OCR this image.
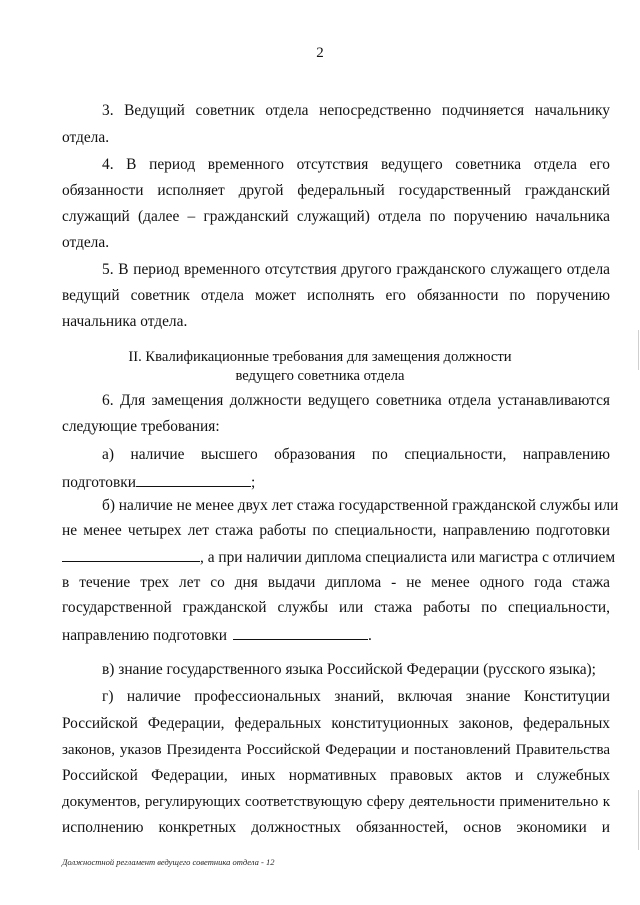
2
3. Ведущий советник отдела непосредственно подчиняется начальнику
отдела.
4. В период временного отсутствия ведущего советника отдела его
обязанности исполняет другой федеральный государственный гражданский
служащий (далее – гражданский служащий) отдела по поручению начальника
отдела.
5. В период временного отсутствия другого гражданского служащего отдела
ведущий советник отдела может исполнять его обязанности по поручению
начальника отдела.
II. Квалификационные требования для замещения должности
ведущего советника отдела
6. Для замещения должности ведущего советника отдела устанавливаются
следующие требования:
а) наличие высшего образования по специальности, направлению
подготовки	;
б) наличие не менее двух лет стажа государственной гражданской службы или
не менее четырех лет стажа работы по специальности, направлению подготовки
, а при наличии диплома специалиста или магистра с отличием
в течение трех лет со дня выдачи диплома - не менее одного года стажа
государственной гражданской службы или стажа работы по специальности,
направлению подготовки	.
в) знание государственного языка Российской Федерации (русского языка);
г) наличие профессиональных знаний, включая знание Конституции
Российской Федерации, федеральных конституционных законов, федеральных
законов, указов Президента Российской Федерации и постановлений Правительства
Российской Федерации, иных нормативных правовых актов и служебных
документов, регулирующих соответствующую сферу деятельности применительно к
исполнению конкретных должностных обязанностей, основ экономики и
Должностной регламент ведущего советника отдела - 12
